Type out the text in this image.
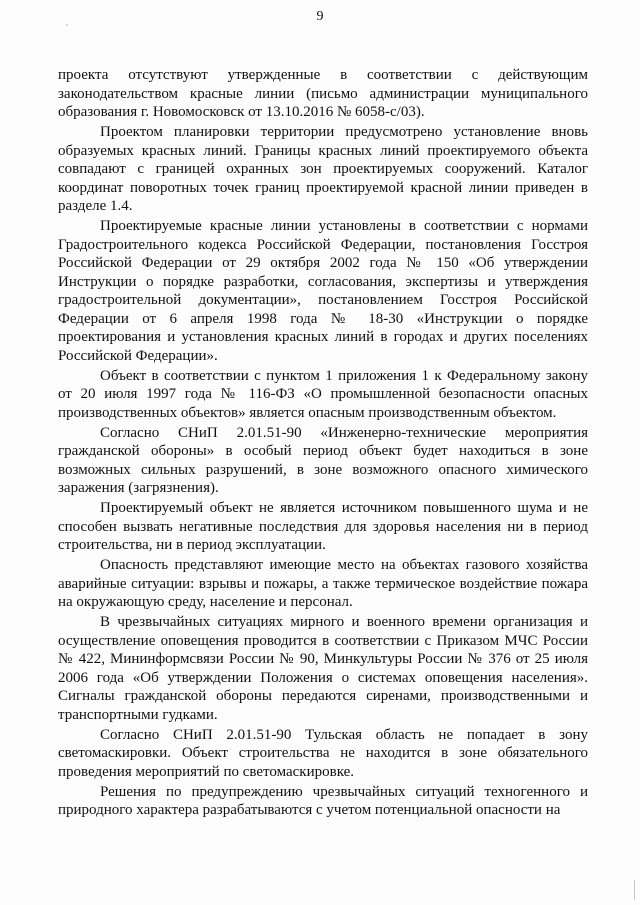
9

проекта отсутствуют утвержденные в соответствии с действующим законодательством красные линии (письмо администрации муниципального образования г. Новомосковск от 13.10.2016 № 6058-с/03).

Проектом планировки территории предусмотрено установление вновь образуемых красных линий. Границы красных линий проектируемого объекта совпадают с границей охранных зон проектируемых сооружений. Каталог координат поворотных точек границ проектируемой красной линии приведен в разделе 1.4.

Проектируемые красные линии установлены в соответствии с нормами Градостроительного кодекса Российской Федерации, постановления Госстроя Российской Федерации от 29 октября 2002 года № 150 «Об утверждении Инструкции о порядке разработки, согласования, экспертизы и утверждения градостроительной документации», постановлением Госстроя Российской Федерации от 6 апреля 1998 года № 18-30 «Инструкции о порядке проектирования и установления красных линий в городах и других поселениях Российской Федерации».

Объект в соответствии с пунктом 1 приложения 1 к Федеральному закону от 20 июля 1997 года № 116-ФЗ «О промышленной безопасности опасных производственных объектов» является опасным производственным объектом.

Согласно СНиП 2.01.51-90 «Инженерно-технические мероприятия гражданской обороны» в особый период объект будет находиться в зоне возможных сильных разрушений, в зоне возможного опасного химического заражения (загрязнения).

Проектируемый объект не является источником повышенного шума и не способен вызвать негативные последствия для здоровья населения ни в период строительства, ни в период эксплуатации.

Опасность представляют имеющие место на объектах газового хозяйства аварийные ситуации: взрывы и пожары, а также термическое воздействие пожара на окружающую среду, население и персонал.

В чрезвычайных ситуациях мирного и военного времени организация и осуществление оповещения проводится в соответствии с Приказом МЧС России № 422, Мининформсвязи России № 90, Минкультуры России № 376 от 25 июля 2006 года «Об утверждении Положения о системах оповещения населения». Сигналы гражданской обороны передаются сиренами, производственными и транспортными гудками.

Согласно СНиП 2.01.51-90 Тульская область не попадает в зону светомаскировки. Объект строительства не находится в зоне обязательного проведения мероприятий по светомаскировке.

Решения по предупреждению чрезвычайных ситуаций техногенного и природного характера разрабатываются с учетом потенциальной опасности на
